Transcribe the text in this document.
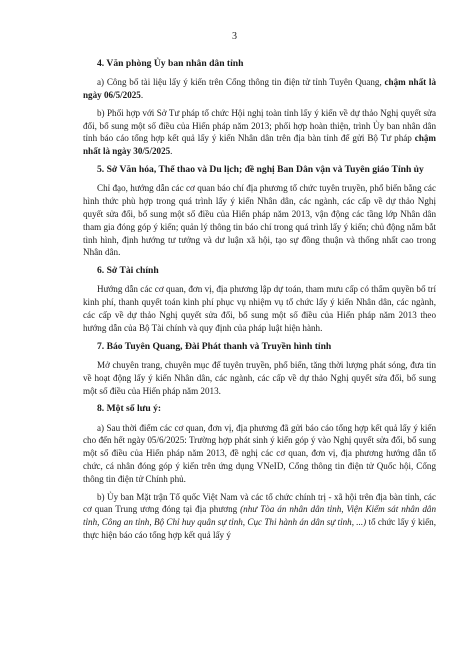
3
4. Văn phòng Ủy ban nhân dân tỉnh
a) Công bố tài liệu lấy ý kiến trên Cổng thông tin điện tử tỉnh Tuyên Quang, chậm nhất là ngày 06/5/2025.
b) Phối hợp với Sở Tư pháp tổ chức Hội nghị toàn tỉnh lấy ý kiến về dự thảo Nghị quyết sửa đổi, bổ sung một số điều của Hiến pháp năm 2013; phối hợp hoàn thiện, trình Ủy ban nhân dân tỉnh báo cáo tổng hợp kết quả lấy ý kiến Nhân dân trên địa bàn tỉnh để gửi Bộ Tư pháp chậm nhất là ngày 30/5/2025.
5. Sở Văn hóa, Thể thao và Du lịch; đề nghị Ban Dân vận và Tuyên giáo Tỉnh ủy
Chỉ đạo, hướng dẫn các cơ quan báo chí địa phương tổ chức tuyên truyền, phổ biến bằng các hình thức phù hợp trong quá trình lấy ý kiến Nhân dân, các ngành, các cấp về dự thảo Nghị quyết sửa đổi, bổ sung một số điều của Hiến pháp năm 2013, vận động các tầng lớp Nhân dân tham gia đóng góp ý kiến; quản lý thông tin báo chí trong quá trình lấy ý kiến; chủ động nắm bắt tình hình, định hướng tư tưởng và dư luận xã hội, tạo sự đồng thuận và thống nhất cao trong Nhân dân.
6. Sở Tài chính
Hướng dẫn các cơ quan, đơn vị, địa phương lập dự toán, tham mưu cấp có thẩm quyền bố trí kinh phí, thanh quyết toán kinh phí phục vụ nhiệm vụ tổ chức lấy ý kiến Nhân dân, các ngành, các cấp về dự thảo Nghị quyết sửa đổi, bổ sung một số điều của Hiến pháp năm 2013 theo hướng dẫn của Bộ Tài chính và quy định của pháp luật hiện hành.
7. Báo Tuyên Quang, Đài Phát thanh và Truyền hình tỉnh
Mở chuyên trang, chuyên mục để tuyên truyền, phổ biến, tăng thời lượng phát sóng, đưa tin về hoạt động lấy ý kiến Nhân dân, các ngành, các cấp về dự thảo Nghị quyết sửa đổi, bổ sung một số điều của Hiến pháp năm 2013.
8. Một số lưu ý:
a) Sau thời điểm các cơ quan, đơn vị, địa phương đã gửi báo cáo tổng hợp kết quả lấy ý kiến cho đến hết ngày 05/6/2025: Trường hợp phát sinh ý kiến góp ý vào Nghị quyết sửa đổi, bổ sung một số điều của Hiến pháp năm 2013, đề nghị các cơ quan, đơn vị, địa phương hướng dẫn tổ chức, cá nhân đóng góp ý kiến trên ứng dụng VNeID, Cổng thông tin điện tử Quốc hội, Cổng thông tin điện tử Chính phủ.
b) Ủy ban Mặt trận Tổ quốc Việt Nam và các tổ chức chính trị - xã hội trên địa bàn tỉnh, các cơ quan Trung ương đóng tại địa phương (như Tòa án nhân dân tỉnh, Viện Kiểm sát nhân dân tỉnh, Công an tỉnh, Bộ Chỉ huy quân sự tỉnh, Cục Thi hành án dân sự tỉnh, ...) tổ chức lấy ý kiến, thực hiện báo cáo tổng hợp kết quả lấy ý
